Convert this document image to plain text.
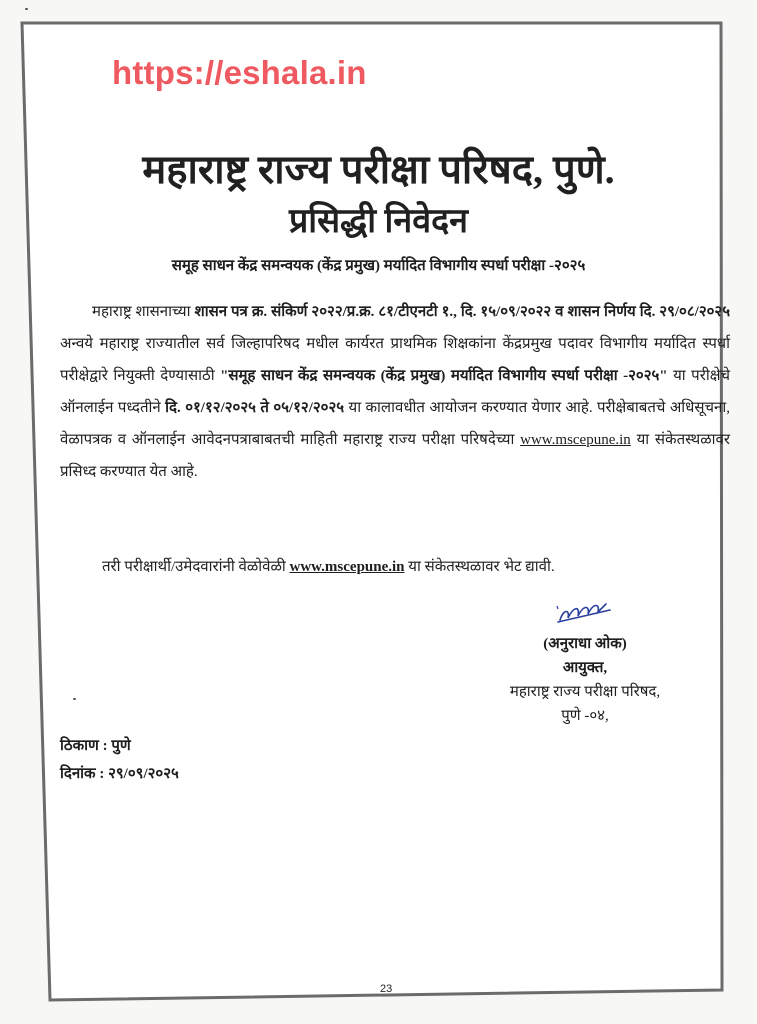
https://eshala.in
महाराष्ट्र राज्य परीक्षा परिषद, पुणे.
प्रसिद्धी निवेदन
समूह साधन केंद्र समन्वयक (केंद्र प्रमुख) मर्यादित विभागीय स्पर्धा परीक्षा -२०२५

महाराष्ट्र शासनाच्या शासन पत्र क्र. संकिर्ण २०२२/प्र.क्र. ८१/टीएनटी १., दि. १५/०९/२०२२ व शासन निर्णय दि. २९/०८/२०२५ अन्वये महाराष्ट्र राज्यातील सर्व जिल्हापरिषद मधील कार्यरत प्राथमिक शिक्षकांना केंद्रप्रमुख पदावर विभागीय मर्यादित स्पर्धा परीक्षेद्वारे नियुक्ती देण्यासाठी "समूह साधन केंद्र समन्वयक (केंद्र प्रमुख) मर्यादित विभागीय स्पर्धा परीक्षा -२०२५" या परीक्षेचे ऑनलाईन पध्दतीने दि. ०१/१२/२०२५ ते ०५/१२/२०२५ या कालावधीत आयोजन करण्यात येणार आहे. परीक्षेबाबतचे अधिसूचना, वेळापत्रक व ऑनलाईन आवेदनपत्राबाबतची माहिती महाराष्ट्र राज्य परीक्षा परिषदेच्या www.mscepune.in या संकेतस्थळावर प्रसिध्द करण्यात येत आहे.

तरी परीक्षार्थी/उमेदवारांनी वेळोवेळी www.mscepune.in या संकेतस्थळावर भेट द्यावी.
(अनुराधा ओक)
आयुक्त,
महाराष्ट्र राज्य परीक्षा परिषद,
पुणे -०४,
ठिकाण : पुणे
दिनांक : २९/०९/२०२५
23
